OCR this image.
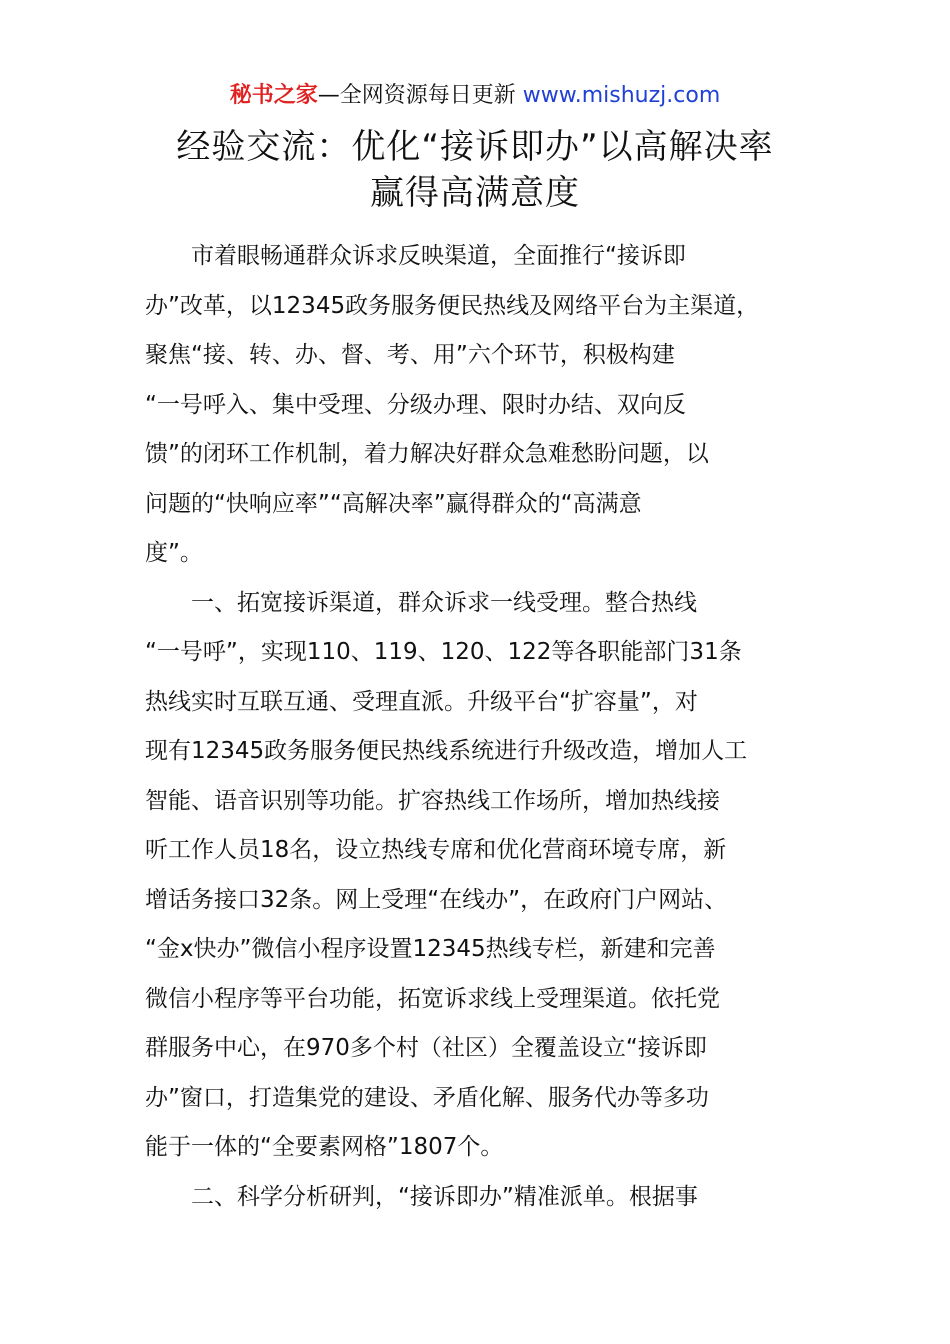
秘书之家—全网资源每日更新 www.mishuzj.com
经验交流：优化“接诉即办”以高解决率
赢得高满意度
　　市着眼畅通群众诉求反映渠道，全面推行“接诉即
办”改革，以12345政务服务便民热线及网络平台为主渠道，
聚焦“接、转、办、督、考、用”六个环节，积极构建
“一号呼入、集中受理、分级办理、限时办结、双向反
馈”的闭环工作机制，着力解决好群众急难愁盼问题，以
问题的“快响应率”“高解决率”赢得群众的“高满意
度”。
　　一、拓宽接诉渠道，群众诉求一线受理。整合热线
“一号呼”，实现110、119、120、122等各职能部门31条
热线实时互联互通、受理直派。升级平台“扩容量”，对
现有12345政务服务便民热线系统进行升级改造，增加人工
智能、语音识别等功能。扩容热线工作场所，增加热线接
听工作人员18名，设立热线专席和优化营商环境专席，新
增话务接口32条。网上受理“在线办”，在政府门户网站、
“金x快办”微信小程序设置12345热线专栏，新建和完善
微信小程序等平台功能，拓宽诉求线上受理渠道。依托党
群服务中心，在970多个村（社区）全覆盖设立“接诉即
办”窗口，打造集党的建设、矛盾化解、服务代办等多功
能于一体的“全要素网格”1807个。
　　二、科学分析研判，“接诉即办”精准派单。根据事
